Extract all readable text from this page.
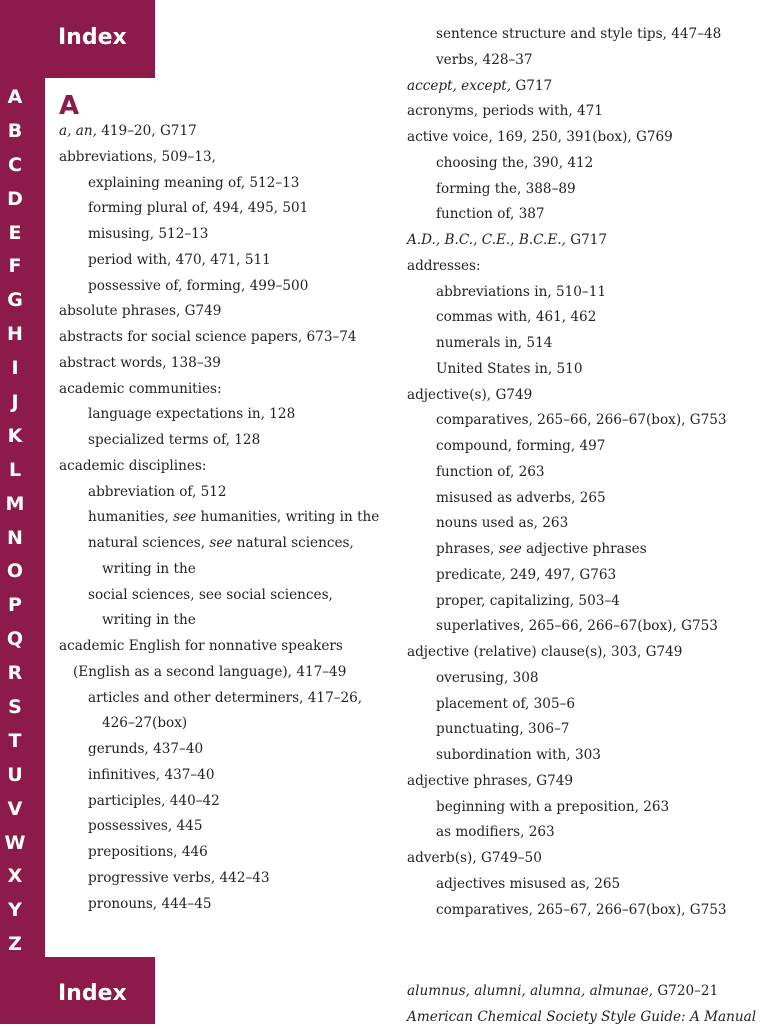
Index
Index
A
B
C
D
E
F
G
H
I
J
K
L
M
N
O
P
Q
R
S
T
U
V
W
X
Y
Z
A
a, an, 419–20, G717
abbreviations, 509–13,
explaining meaning of, 512–13
forming plural of, 494, 495, 501
misusing, 512–13
period with, 470, 471, 511
possessive of, forming, 499–500
absolute phrases, G749
abstracts for social science papers, 673–74
abstract words, 138–39
academic communities:
language expectations in, 128
specialized terms of, 128
academic disciplines:
abbreviation of, 512
humanities, see humanities, writing in the
natural sciences, see natural sciences,
writing in the
social sciences, see social sciences,
writing in the
academic English for nonnative speakers
(English as a second language), 417–49
articles and other determiners, 417–26,
426–27(box)
gerunds, 437–40
infinitives, 437–40
participles, 440–42
possessives, 445
prepositions, 446
progressive verbs, 442–43
pronouns, 444–45
sentence structure and style tips, 447–48
verbs, 428–37
accept, except, G717
acronyms, periods with, 471
active voice, 169, 250, 391(box), G769
choosing the, 390, 412
forming the, 388–89
function of, 387
A.D., B.C., C.E., B.C.E., G717
addresses:
abbreviations in, 510–11
commas with, 461, 462
numerals in, 514
United States in, 510
adjective(s), G749
comparatives, 265–66, 266–67(box), G753
compound, forming, 497
function of, 263
misused as adverbs, 265
nouns used as, 263
phrases, see adjective phrases
predicate, 249, 497, G763
proper, capitalizing, 503–4
superlatives, 265–66, 266–67(box), G753
adjective (relative) clause(s), 303, G749
overusing, 308
placement of, 305–6
punctuating, 306–7
subordination with, 303
adjective phrases, G749
beginning with a preposition, 263
as modifiers, 263
adverb(s), G749–50
adjectives misused as, 265
comparatives, 265–67, 266–67(box), G753
alumnus, alumni, alumna, almunae, G720–21
American Chemical Society Style Guide: A Manual
